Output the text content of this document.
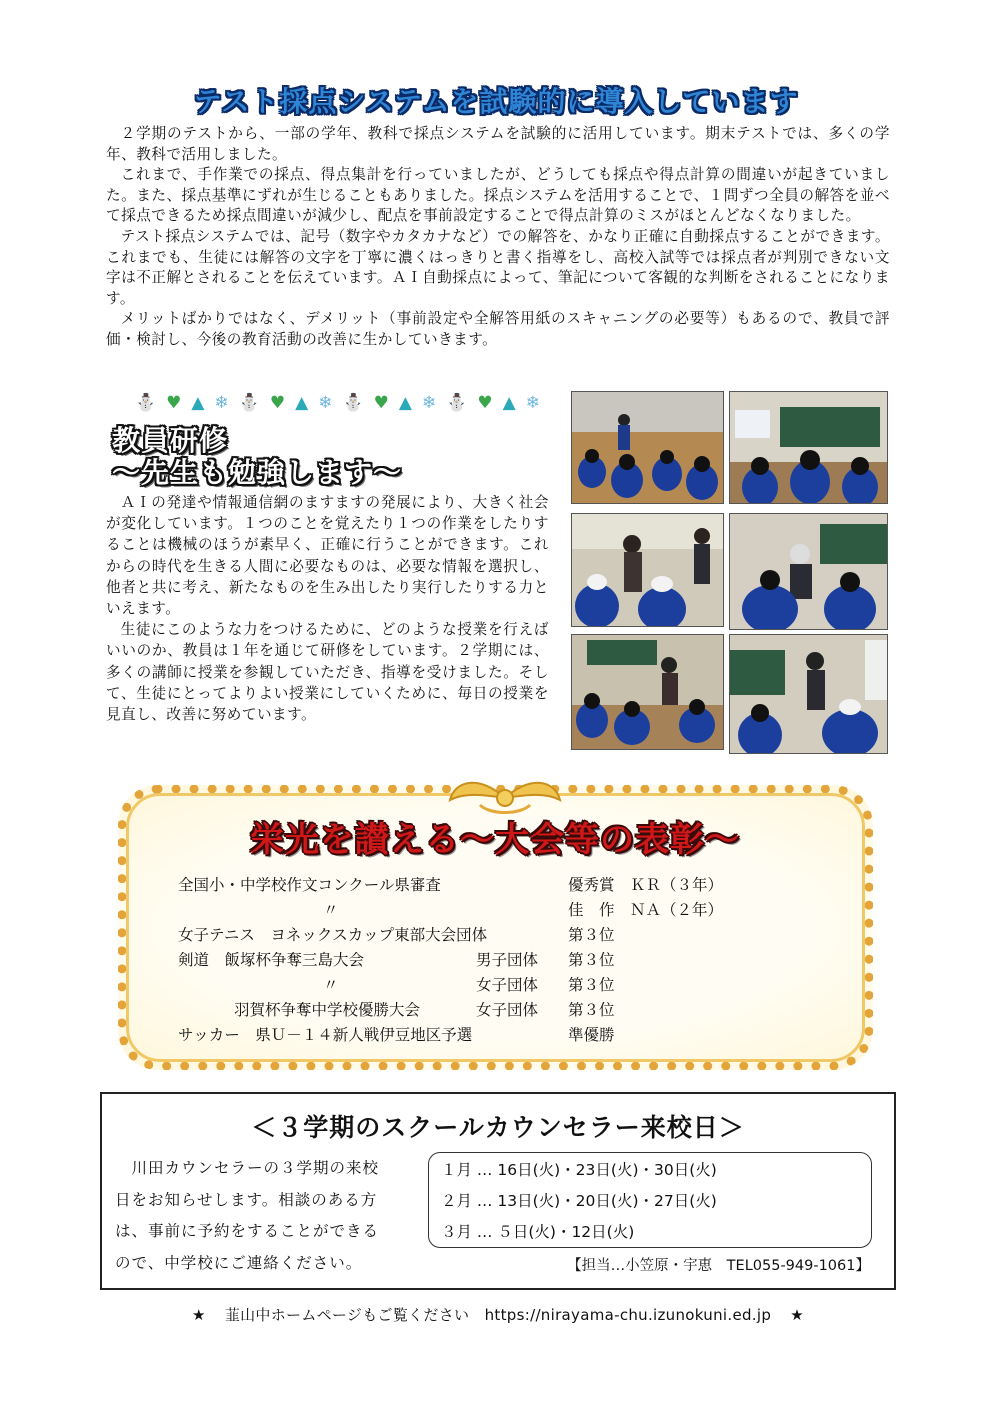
テスト採点システムを試験的に導入しています

２学期のテストから、一部の学年、教科で採点システムを試験的に活用しています。期末テストでは、多くの学年、教科で活用しました。

これまで、手作業での採点、得点集計を行っていましたが、どうしても採点や得点計算の間違いが起きていました。また、採点基準にずれが生じることもありました。採点システムを活用することで、１問ずつ全員の解答を並べて採点できるため採点間違いが減少し、配点を事前設定することで得点計算のミスがほとんどなくなりました。

テスト採点システムでは、記号（数字やカタカナなど）での解答を、かなり正確に自動採点することができます。これまでも、生徒には解答の文字を丁寧に濃くはっきりと書く指導をし、高校入試等では採点者が判別できない文字は不正解とされることを伝えています。ＡＩ自動採点によって、筆記について客観的な判断をされることになります。

メリットばかりではなく、デメリット（事前設定や全解答用紙のスキャニングの必要等）もあるので、教員で評価・検討し、今後の教育活動の改善に生かしていきます。

⛄ ♥ ▲ ❄ ⛄ ♥ ▲ ❄ ⛄ ♥ ▲ ❄ ⛄ ♥ ▲ ❄
教員研修
～先生も勉強します～

ＡＩの発達や情報通信網のますますの発展により、大きく社会が変化しています。１つのことを覚えたり１つの作業をしたりすることは機械のほうが素早く、正確に行うことができます。これからの時代を生きる人間に必要なものは、必要な情報を選択し、他者と共に考え、新たなものを生み出したり実行したりする力といえます。

生徒にこのような力をつけるために、どのような授業を行えばいいのか、教員は１年を通じて研修をしています。２学期には、多くの講師に授業を参観していただき、指導を受けました。そして、生徒にとってよりよい授業にしていくために、毎日の授業を見直し、改善に努めています。

栄光を讃える～大会等の表彰～
全国小・中学校作文コンクール県審査	優秀賞　ＫＲ（３年）
〃	佳　作　ＮＡ（２年）
女子テニス　ヨネックスカップ東部大会団体	第３位
剣道　飯塚杯争奪三島大会	男子団体 第３位
〃	女子団体 第３位
羽賀杯争奪中学校優勝大会	女子団体 第３位
サッカー　県Ｕ－１４新人戦伊豆地区予選	準優勝
＜３学期のスクールカウンセラー来校日＞
　川田カウンセラーの３学期の来校
日をお知らせします。相談のある方
は、事前に予約をすることができる
ので、中学校にご連絡ください。
１月 … 16日(火)・23日(火)・30日(火)
２月 … 13日(火)・20日(火)・27日(火)
３月 … ５日(火)・12日(火)
【担当…小笠原・宇恵　TEL055-949-1061】
★ 韮山中ホームページもご覧ください　https://nirayama-chu.izunokuni.ed.jp ★
